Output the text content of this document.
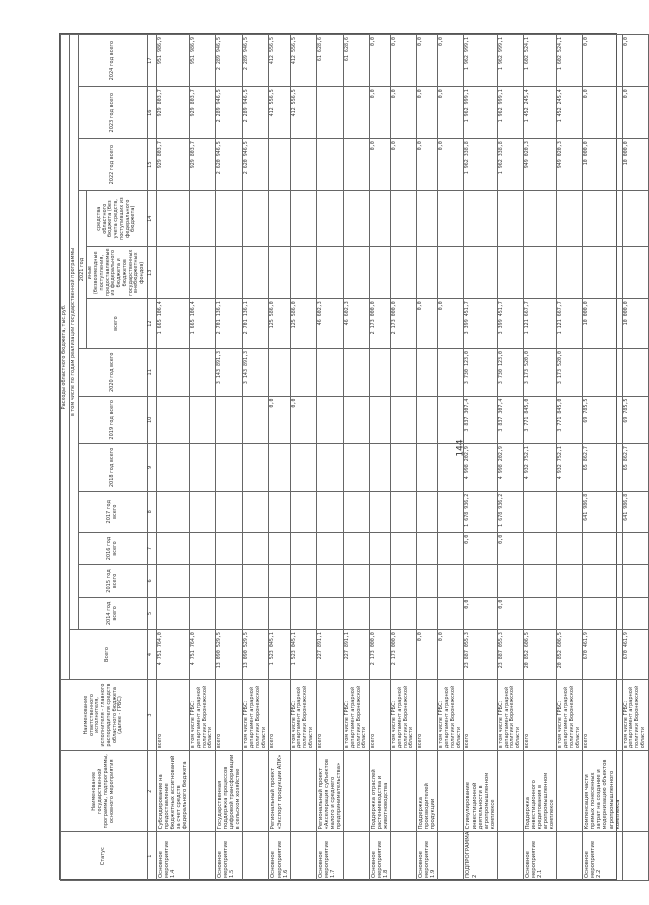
144
Статус	Наименование государственной программы, подпрограммы, основного мероприятия	Наименование ответственного исполнителя, исполнителя - главного распорядителя средств областного бюджета (далее - ГРБС)	Расходы областного бюджета, тыс.руб.													
			Всего	в том числе по годам реализации государственной программы												
				2014 год всего	2015 год всего	2016 год всего	2017 год всего	2018 год всего	2019 год всего	2020 год всего	2021 год			2022 год всего	2023 год всего	2024 год всего
											всего	иные (безвозмездные поступления, предоставляемые из федерального бюджета и бюджетов государственных внебюджетных фондов)	средства областного бюджета (без учета средств, поступивших из федерального бюджета)			
1	2	3	4	5	6	7	8	9	10	11	12	13	14	15	16	17
Основное мероприятие 1.4	Субсидирование на предоставление бюджетных ассигнований за счет средств федерального бюджета	всего	4 751 764,0								1 665 106,4			929 803,7	929 803,7	951 986,9
		в том числе ГРБС: департамент аграрной политики Воронежской области	4 751 764,0								1 665 106,4			929 803,7	929 803,7	951 986,9
Основное мероприятие 1.5	Государственная поддержка процессов цифровой трансформации в сельском хозяйстве	всего	13 090 529,5							3 143 891,3	2 701 136,1			2 620 946,5	2 289 946,5	2 289 946,5
		в том числе ГРБС: департамент аграрной политики Воронежской области	13 090 529,5							3 143 891,3	2 701 136,1			2 620 946,5	2 289 946,5	2 289 946,5
Основное мероприятие 1.6	Региональный проект «Экспорт продукции АПК»	всего	1 523 045,1						0,0		125 586,0				412 556,5	412 556,5
		в том числе ГРБС: департамент аграрной политики Воронежской области	1 523 045,1						0,0		125 586,0				412 556,5	412 556,5
Основное мероприятие 1.7	Региональный проект «Акселерация субъектов малого и среднего предпринимательства»	всего	227 891,1								46 602,3					61 628,6
		в том числе ГРБС: департамент аграрной политики Воронежской области	227 891,1								46 602,3					61 628,6
Основное мероприятие 1.8	Поддержка отраслей растениеводства и животноводства	всего	2 173 000,0								2 173 000,0			0,0	0,0	0,0
		в том числе ГРБС: департамент аграрной политики Воронежской области	2 173 000,0								2 173 000,0			0,0	0,0	0,0
Основное мероприятие 1.9	Поддержка производителей продукции	всего	0,0								0,0			0,0	0,0	0,0
		в том числе ГРБС: департамент аграрной политики Воронежской области	0,0								0,0			0,0	0,0	0,0
ПОДПРОГРАММА 2	Стимулирование инвестиционной деятельности в агропромышленном комплексе	всего	23 887 055,3	0,0		0,0	1 678 936,2	4 998 202,9	3 837 307,4	3 730 123,0	3 399 451,7			1 962 338,8	1 962 999,1	1 962 999,1
		в том числе ГРБС: департамент аграрной политики Воронежской области	23 887 055,3	0,0		0,0	1 678 936,2	4 998 202,9	3 837 307,4	3 730 123,0	3 399 451,7			1 962 338,8	1 962 999,1	1 962 999,1
Основное мероприятие 2.1	Поддержка инвестиционного кредитования в агропромышленном комплексе	всего	20 852 606,5					4 932 752,1	3 771 845,0	3 173 520,0	1 121 667,7			949 020,3	1 452 245,4	1 602 524,1
		в том числе ГРБС: департамент аграрной политики Воронежской области	20 852 606,5					4 932 752,1	3 771 845,0	3 173 520,0	1 121 667,7			949 020,3	1 452 245,4	1 602 524,1
Основное мероприятие 2.2	Компенсация части прямых понесенных затрат на создание и модернизацию объектов агропромышленного комплекса	всего	670 461,9				641 986,8	65 862,7	69 785,5		10 000,0			10 000,0	0,0	0,0
		в том числе ГРБС: департамент аграрной политики Воронежской области	670 461,9				641 986,8	65 862,7	69 785,5		10 000,0			10 000,0	0,0	0,0
